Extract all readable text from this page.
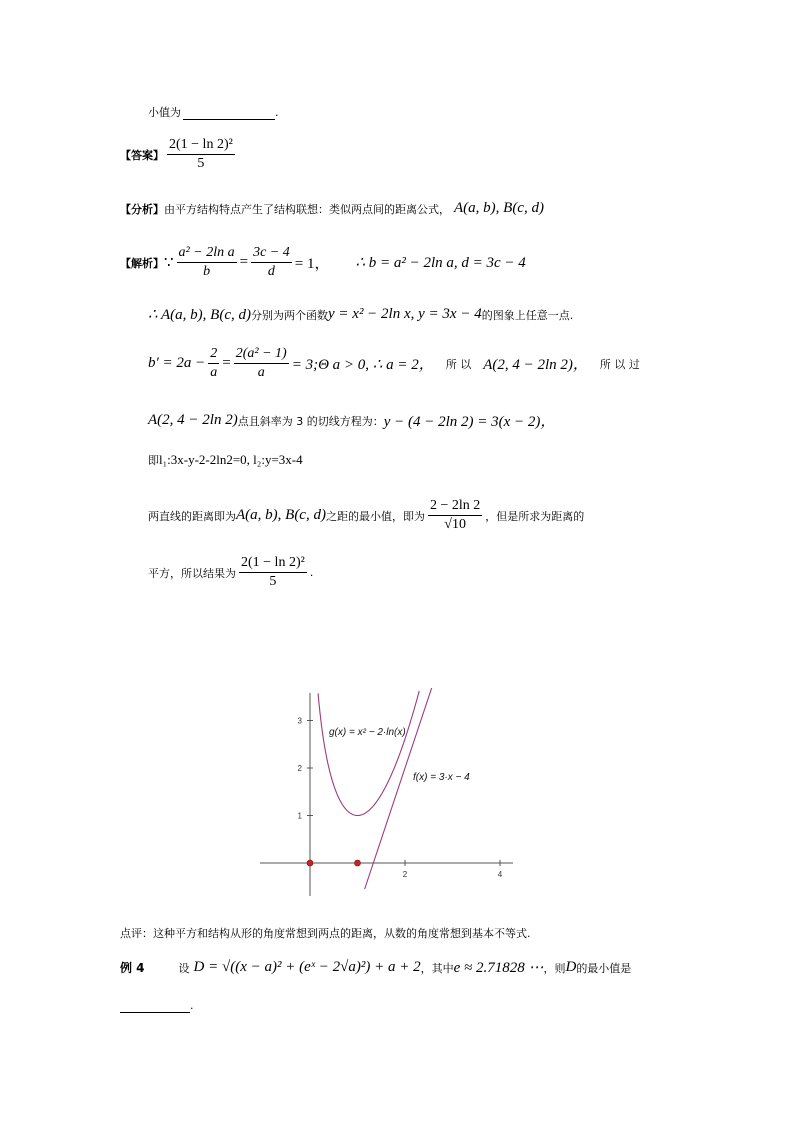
小值为	.
【答案】 $\frac{\text{2(1 − ln 2)²}}{5}$
【分析】 由平方结构特点产生了结构联想：类似两点间的距离公式， A(a, b), B(c, d)
【解析】 ∵ $\frac{\text{a² − 2ln a}}{b} = \frac{3c - 4}{d} = 1$， ∴ b = a² − 2ln a, d = 3c − 4
∴ A(a, b), B(c, d) 分别为两个函数 y = x² − 2ln x, y = 3x − 4 的图象上任意一点.
$b' = 2a - \frac{2}{a} = \frac{\text{2(a² − 1)}}{a}$ = 3;Θ a > 0, ∴ a = 2， 所 以 A(2, 4 − 2ln 2)， 所 以 过
A(2, 4 − 2ln 2) 点且斜率为 3 的切线方程为： y − (4 − 2ln 2) = 3(x − 2)，
即 l₁:3x-y-2-2ln2=0, l₂:y=3x-4
两直线的距离即为 A(a, b), B(c, d) 之距的最小值，即为 $\frac{2 - 2\ln 2}{√10}$ ，但是所求为距离的
平方，所以结果为 $\frac{\text{2(1 − ln 2)²}}{5}$ .
2	4
1
2
3
g(x) = x² − 2·ln(x)
f(x) = 3·x − 4
点评：这种平方和结构从形的角度常想到两点的距离，从数的角度常想到基本不等式.
例 4	设 D = √((x − a)² + (eˣ − 2√a)²) + a + 2 ，其中 e ≈ 2.71828 ⋯ ，则 D 的最小值是
.
